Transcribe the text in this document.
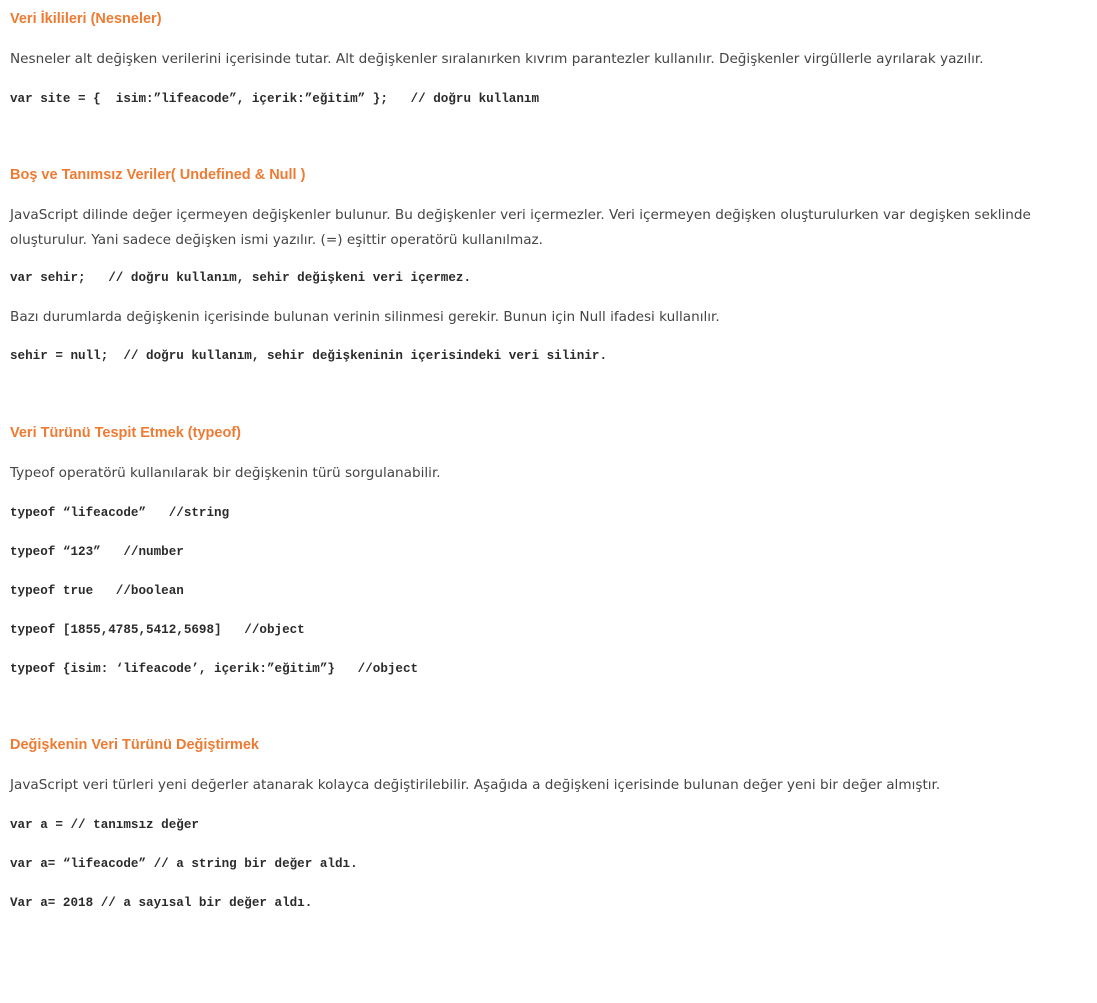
Veri İkilileri (Nesneler)
Nesneler alt değişken verilerini içerisinde tutar. Alt değişkenler sıralanırken kıvrım parantezler kullanılır. Değişkenler virgüllerle ayrılarak yazılır.
var site = {  isim:”lifeacode”, içerik:”eğitim” };   // doğru kullanım
Boş ve Tanımsız Veriler( Undefined & Null )
JavaScript dilinde değer içermeyen değişkenler bulunur. Bu değişkenler veri içermezler. Veri içermeyen değişken oluşturulurken var degişken seklinde oluşturulur. Yani sadece değişken ismi yazılır. (=) eşittir operatörü kullanılmaz.
var sehir;   // doğru kullanım, sehir değişkeni veri içermez.
Bazı durumlarda değişkenin içerisinde bulunan verinin silinmesi gerekir. Bunun için Null ifadesi kullanılır.
sehir = null;  // doğru kullanım, sehir değişkeninin içerisindeki veri silinir.
Veri Türünü Tespit Etmek (typeof)
Typeof operatörü kullanılarak bir değişkenin türü sorgulanabilir.
typeof “lifeacode”   //string
typeof “123”   //number
typeof true   //boolean
typeof [1855,4785,5412,5698]   //object
typeof {isim: ‘lifeacode’, içerik:”eğitim”}   //object
Değişkenin Veri Türünü Değiştirmek
JavaScript veri türleri yeni değerler atanarak kolayca değiştirilebilir. Aşağıda a değişkeni içerisinde bulunan değer yeni bir değer almıştır.
var a = // tanımsız değer
var a= “lifeacode” // a string bir değer aldı.
Var a= 2018 // a sayısal bir değer aldı.
